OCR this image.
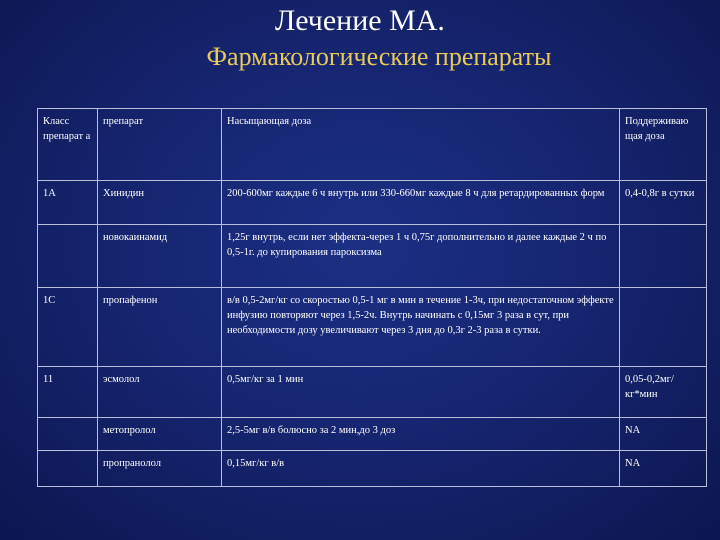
Лечение МА.
Фармакологические препараты
Класс препарат а	препарат	Насыщающая доза	Поддерживаю щая доза
1А	Хинидин	200-600мг каждые 6 ч внутрь или 330-660мг каждые 8 ч для ретардированных форм	0,4-0,8г в сутки
	новокаинамид	1,25г внутрь, если нет эффекта-через 1 ч 0,75г дополнительно и далее каждые 2 ч по 0,5-1г. до купирования пароксизма	
1С	пропафенон	в/в 0,5-2мг/кг со скоростью 0,5-1 мг в мин в течение 1-3ч, при недостаточном эффекте инфузию повторяют через 1,5-2ч. Внутрь начинать с 0,15мг 3 раза в сут, при необходимости дозу увеличивают через 3 дня до 0,3г 2-3 раза в сутки.	
11	эсмолол	0,5мг/кг за 1 мин	0,05-0,2мг/кг*мин
	метопролол	2,5-5мг в/в болюсно за 2 мин,до 3 доз	NA
	пропранолол	0,15мг/кг в/в	NA
